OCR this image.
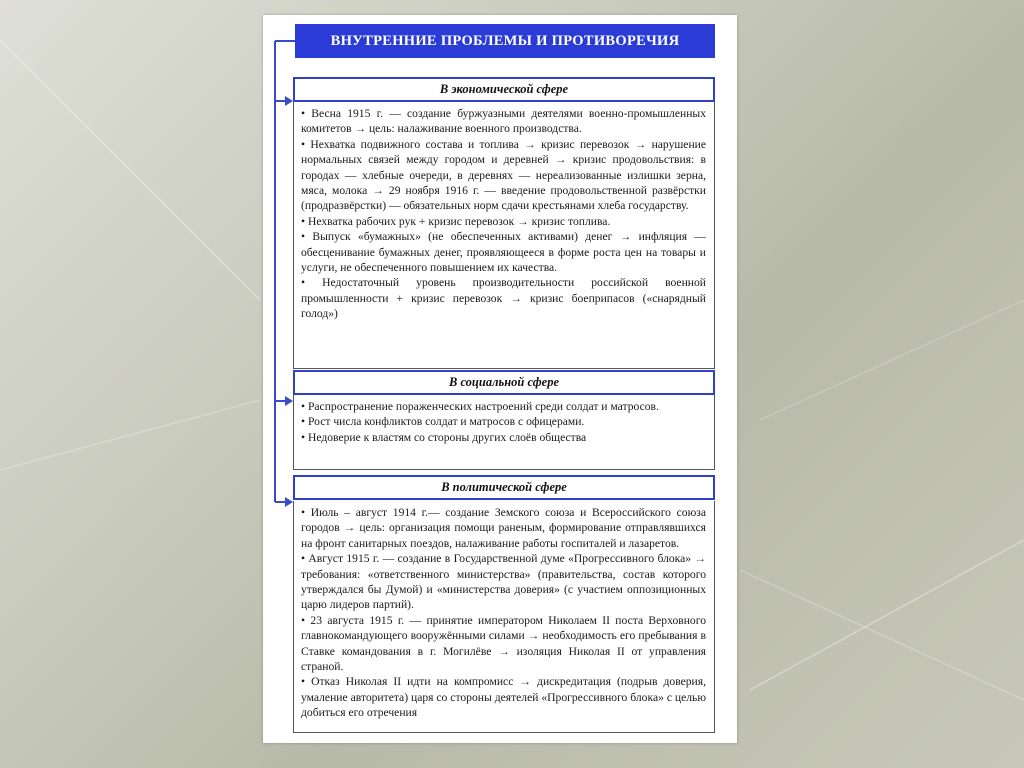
ВНУТРЕННИЕ ПРОБЛЕМЫ И ПРОТИВОРЕЧИЯ
В экономической сфере

• Весна 1915 г. — создание буржуазными деятелями военно-промышленных комитетов → цель: налаживание военного производства.

• Нехватка подвижного состава и топлива → кризис перевозок → нарушение нормальных связей между городом и деревней → кризис продовольствия: в городах — хлебные очереди, в деревнях — нереализованные излишки зерна, мяса, молока → 29 ноября 1916 г. — введение продовольственной развёрстки (продразвёрстки) — обязательных норм сдачи крестьянами хлеба государству.

• Нехватка рабочих рук + кризис перевозок → кризис топлива.

• Выпуск «бумажных» (не обеспеченных активами) денег → инфляция — обесценивание бумажных денег, проявляющееся в форме роста цен на товары и услуги, не обеспеченного повышением их качества.

• Недостаточный уровень производительности российской военной промышленности + кризис перевозок → кризис боеприпасов («снарядный голод»)

В социальной сфере

• Распространение пораженческих настроений среди солдат и матросов.

• Рост числа конфликтов солдат и матросов с офицерами.

• Недоверие к властям со стороны других слоёв общества

В политической сфере

• Июль – август 1914 г.— создание Земского союза и Всероссийского союза городов → цель: организация помощи раненым, формирование отправлявшихся на фронт санитарных поездов, налаживание работы госпиталей и лазаретов.

• Август 1915 г. — создание в Государственной думе «Прогрессивного блока» → требования: «ответственного министерства» (правительства, состав которого утверждался бы Думой) и «министерства доверия» (с участием оппозиционных царю лидеров партий).

• 23 августа 1915 г. — принятие императором Николаем II поста Верховного главнокомандующего вооружёнными силами → необходимость его пребывания в Ставке командования в г. Могилёве → изоляция Николая II от управления страной.

• Отказ Николая II идти на компромисс → дискредитация (подрыв доверия, умаление авторитета) царя со стороны деятелей «Прогрессивного блока» с целью добиться его отречения
